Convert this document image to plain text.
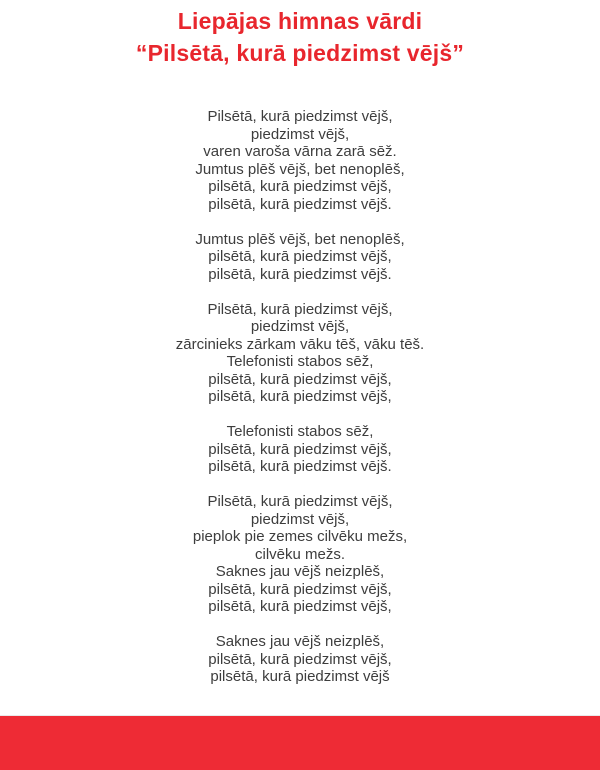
Liepājas himnas vārdi
“Pilsētā, kurā piedzimst vējš”
Pilsētā, kurā piedzimst vējš,
piedzimst vējš,
varen varoša vārna zarā sēž.
Jumtus plēš vējš, bet nenoplēš,
pilsētā, kurā piedzimst vējš,
pilsētā, kurā piedzimst vējš.
Jumtus plēš vējš, bet nenoplēš,
pilsētā, kurā piedzimst vējš,
pilsētā, kurā piedzimst vējš.
Pilsētā, kurā piedzimst vējš,
piedzimst vējš,
zārcinieks zārkam vāku tēš, vāku tēš.
Telefonisti stabos sēž,
pilsētā, kurā piedzimst vējš,
pilsētā, kurā piedzimst vējš,
Telefonisti stabos sēž,
pilsētā, kurā piedzimst vējš,
pilsētā, kurā piedzimst vējš.
Pilsētā, kurā piedzimst vējš,
piedzimst vējš,
pieplok pie zemes cilvēku mežs,
cilvēku mežs.
Saknes jau vējš neizplēš,
pilsētā, kurā piedzimst vējš,
pilsētā, kurā piedzimst vējš,
Saknes jau vējš neizplēš,
pilsētā, kurā piedzimst vējš,
pilsētā, kurā piedzimst vējš
